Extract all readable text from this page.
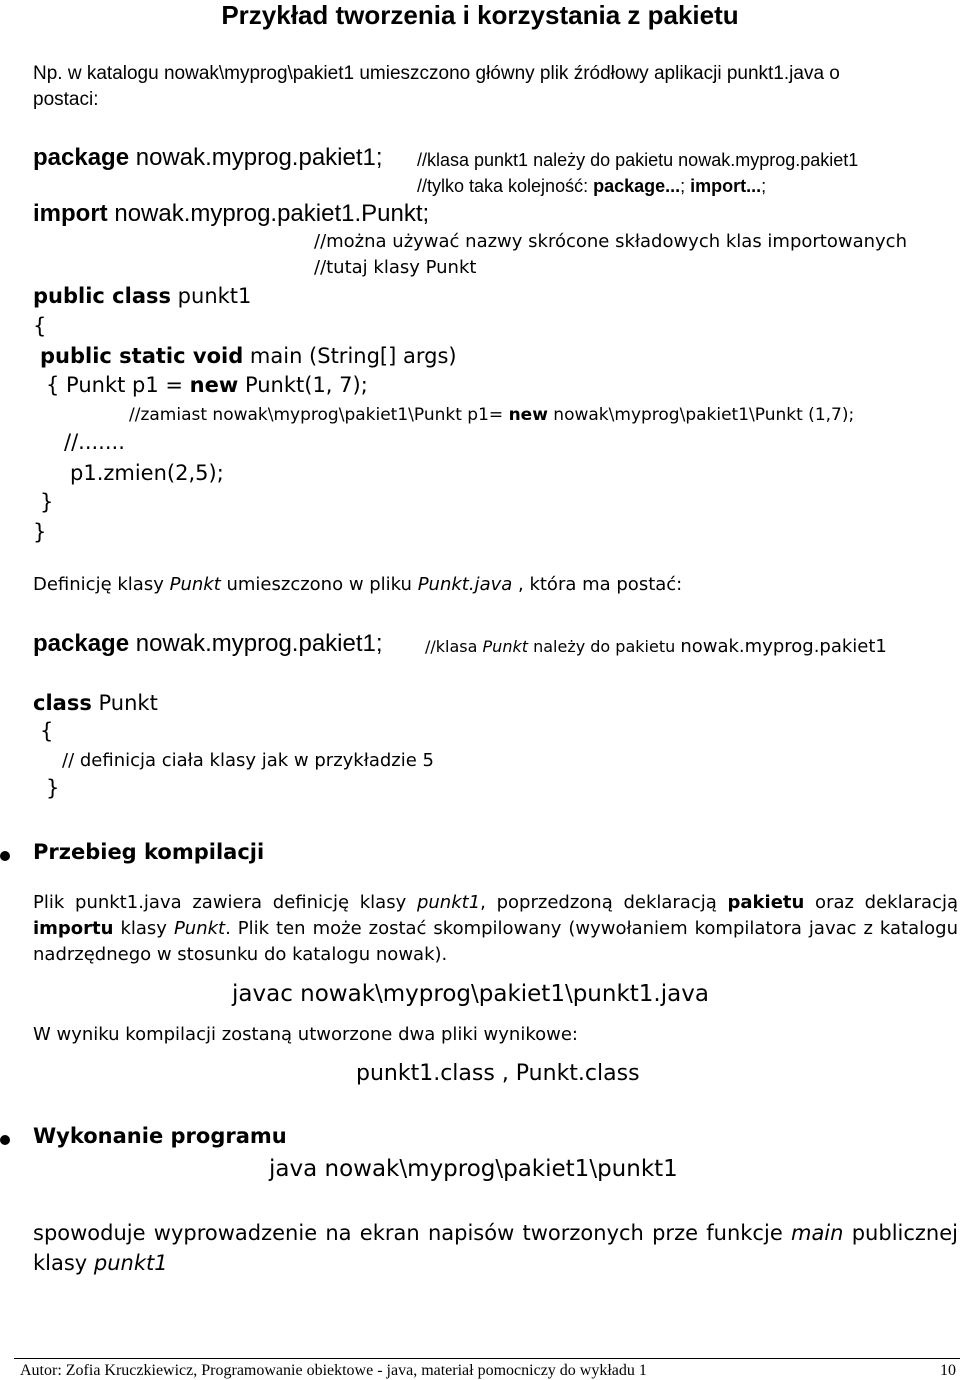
Przykład tworzenia i korzystania z pakietu
Np. w katalogu nowak\myprog\pakiet1 umieszczono główny plik źródłowy aplikacji punkt1.java o
postaci:
package nowak.myprog.pakiet1; //klasa punkt1 należy do pakietu nowak.myprog.pakiet1
//tylko taka kolejność: package...; import...;
import nowak.myprog.pakiet1.Punkt;
//można używać nazwy skrócone składowych klas importowanych
//tutaj klasy Punkt
public class punkt1
{
public static void main (String[] args)
{ Punkt p1 = new Punkt(1, 7);
//zamiast nowak\myprog\pakiet1\Punkt p1= new nowak\myprog\pakiet1\Punkt (1,7);
//.......
p1.zmien(2,5);
}
}
Definicję klasy Punkt umieszczono w pliku Punkt.java , która ma postać:
package nowak.myprog.pakiet1;	//klasa Punkt należy do pakietu nowak.myprog.pakiet1
class Punkt
{
// definicja ciała klasy jak w przykładzie 5
}
Przebieg kompilacji
Plik punkt1.java zawiera definicję klasy punkt1, poprzedzoną deklaracją pakietu oraz deklaracją importu klasy Punkt. Plik ten może zostać skompilowany (wywołaniem kompilatora javac z katalogu nadrzędnego w stosunku do katalogu nowak).
javac nowak\myprog\pakiet1\punkt1.java
W wyniku kompilacji zostaną utworzone dwa pliki wynikowe:
punkt1.class , Punkt.class
Wykonanie programu
java nowak\myprog\pakiet1\punkt1
spowoduje wyprowadzenie na ekran napisów tworzonych prze funkcje main publicznej klasy punkt1
Autor: Zofia Kruczkiewicz, Programowanie obiektowe - java, materiał pomocniczy do wykładu 1	10
